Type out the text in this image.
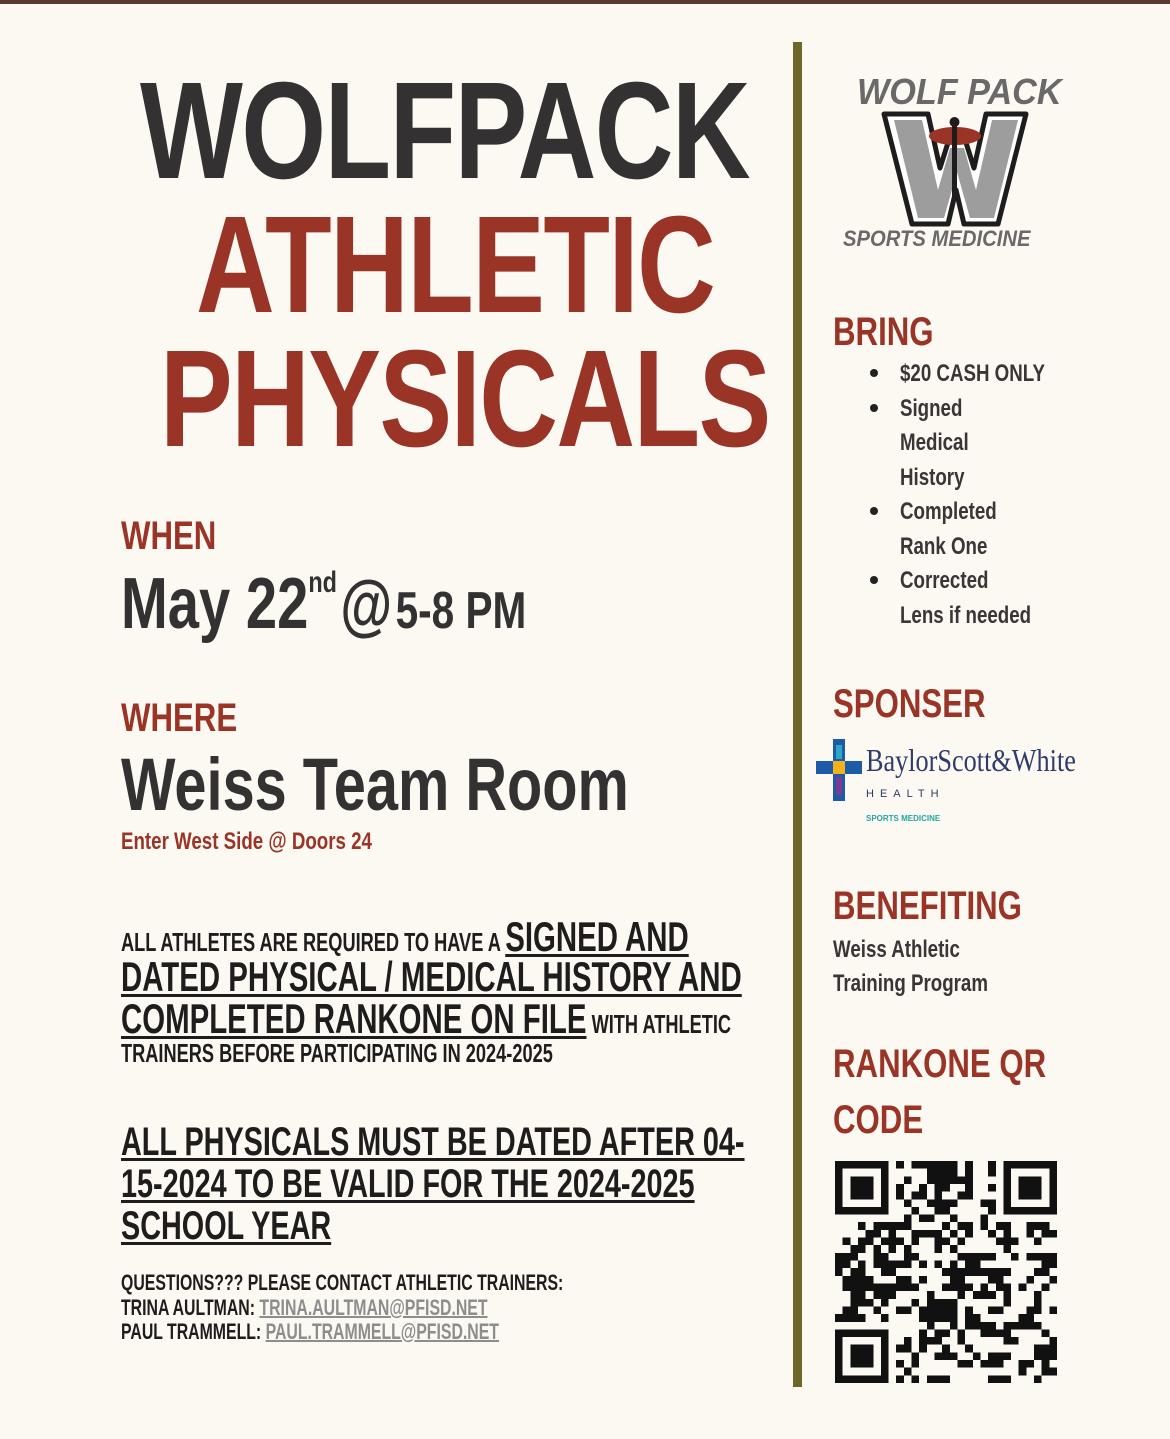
WOLFPACK
ATHLETIC
PHYSICALS
WHEN
May 22nd @ 5-8 PM
WHERE
Weiss Team Room
Enter West Side @ Doors 24
ALL ATHLETES ARE REQUIRED TO HAVE A SIGNED AND
DATED PHYSICAL / MEDICAL HISTORY AND
COMPLETED RANKONE ON FILE WITH ATHLETIC
TRAINERS BEFORE PARTICIPATING IN 2024-2025
ALL PHYSICALS MUST BE DATED AFTER 04-
15-2024 TO BE VALID FOR THE 2024-2025
SCHOOL YEAR
QUESTIONS??? PLEASE CONTACT ATHLETIC TRAINERS:
TRINA AULTMAN: TRINA.AULTMAN@PFISD.NET
PAUL TRAMMELL: PAUL.TRAMMELL@PFISD.NET
WOLF PACK
SPORTS MEDICINE
BRING
$20 CASH ONLY
Signed
Medical
History
Completed
Rank One
Corrected
Lens if needed
SPONSER
BaylorScott&White
HEALTH
SPORTS MEDICINE
BENEFITING
Weiss Athletic
Training Program
RANKONE QR
CODE
